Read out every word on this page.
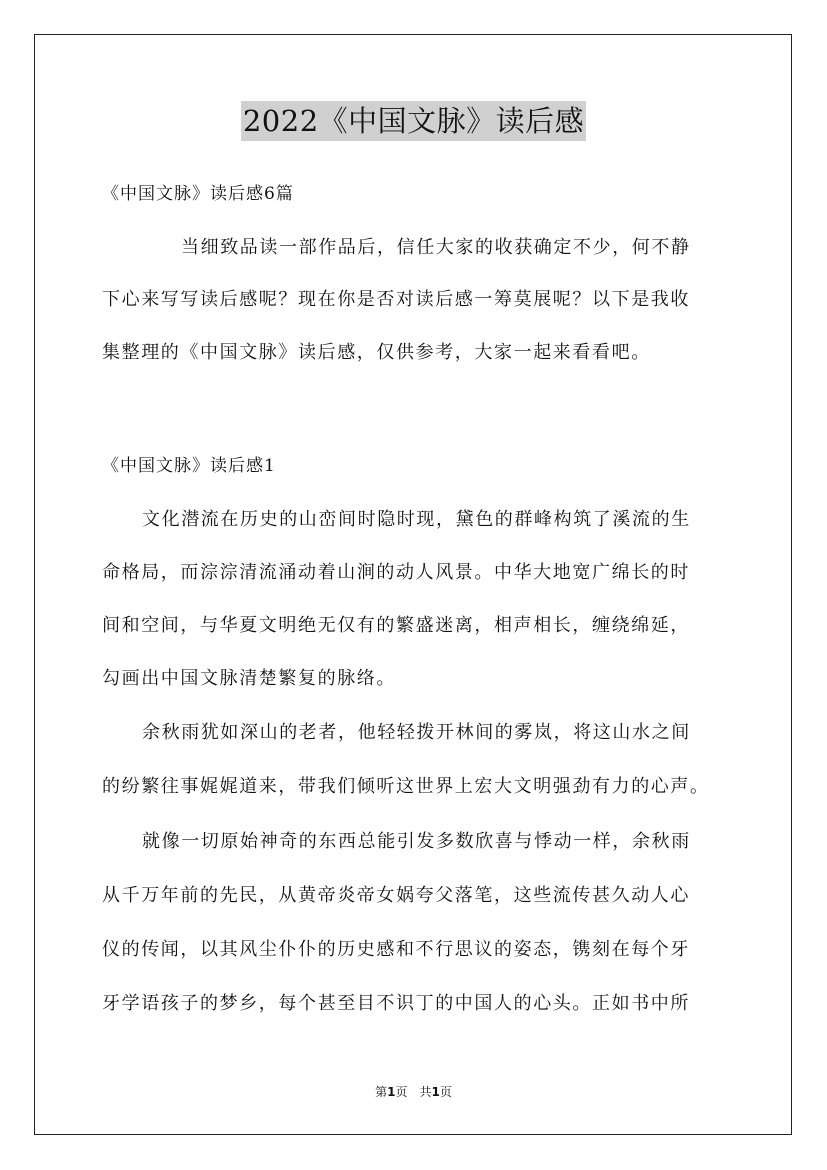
2022《中国文脉》读后感
《中国文脉》读后感6篇
当细致品读一部作品后，信任大家的收获确定不少，何不静
下心来写写读后感呢？现在你是否对读后感一筹莫展呢？以下是我收
集整理的《中国文脉》读后感，仅供参考，大家一起来看看吧。
《中国文脉》读后感1
文化潜流在历史的山峦间时隐时现，黛色的群峰构筑了溪流的生
命格局，而淙淙清流涌动着山涧的动人风景。中华大地宽广绵长的时
间和空间，与华夏文明绝无仅有的繁盛迷离，相声相长，缠绕绵延，
勾画出中国文脉清楚繁复的脉络。
余秋雨犹如深山的老者，他轻轻拨开林间的雾岚，将这山水之间
的纷繁往事娓娓道来，带我们倾听这世界上宏大文明强劲有力的心声。
就像一切原始神奇的东西总能引发多数欣喜与悸动一样，余秋雨
从千万年前的先民，从黄帝炎帝女娲夸父落笔，这些流传甚久动人心
仪的传闻，以其风尘仆仆的历史感和不行思议的姿态，镌刻在每个牙
牙学语孩子的梦乡，每个甚至目不识丁的中国人的心头。正如书中所
第1页　共1页
